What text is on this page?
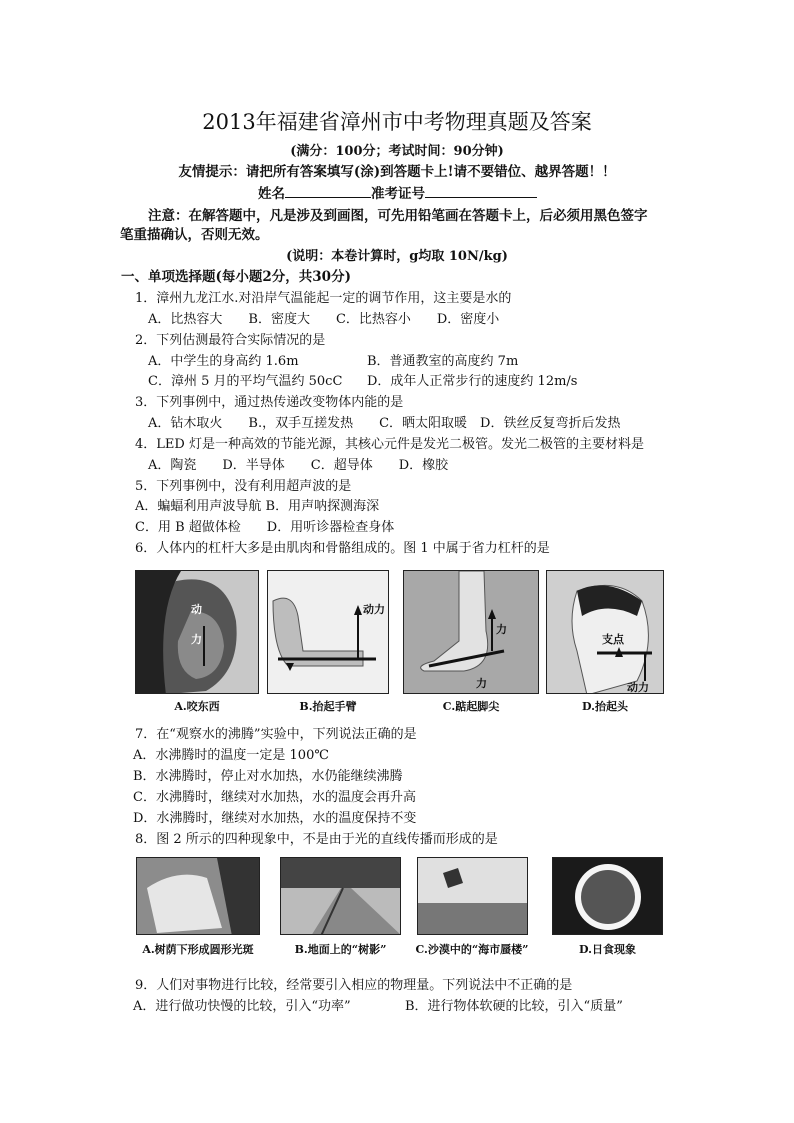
2013年福建省漳州市中考物理真题及答案
(满分：100分；考试时间：90分钟)
友情提示：请把所有答案填写(涂)到答题卡上!请不要错位、越界答题！！
姓名	准考证号
注意：在解答题中，凡是涉及到画图，可先用铅笔画在答题卡上，后必须用黑色签字
笔重描确认，否则无效。
(说明：本卷计算时，g均取 10N/kg)
一、单项选择题(每小题2分，共30分)
1．漳州九龙江水.对沿岸气温能起一定的调节作用，这主要是水的
A．比热容大　　B．密度大　　C．比热容小　　D．密度小
2．下列估测最符合实际情况的是
A．中学生的身高约 1.6m	B．普通教室的高度约 7m
C．漳州 5 月的平均气温约 50cC D．成年人正常步行的速度约 12m/s
3．下列事例中，通过热传递改变物体内能的是
A．钻木取火　　B.，双手互搓发热　　C．晒太阳取暖　D．铁丝反复弯折后发热
4．LED 灯是一种高效的节能光源，其核心元件是发光二极管。发光二极管的主要材料是
A．陶瓷　　D．半导体　　C．超导体　　D．橡胶
5．下列事例中，没有利用超声波的是
A．蝙蝠利用声波导航 B．用声呐探测海深
C．用 B 超做体检　　D．用听诊器检查身体
6．人体内的杠杆大多是由肌肉和骨骼组成的。图 1 中属于省力杠杆的是
动
力
动力
力
力
支点
动力
A.咬东西	B.抬起手臂	C.踮起脚尖	D.抬起头
7．在“观察水的沸腾”实验中，下列说法正确的是
A．水沸腾时的温度一定是 100℃
B．水沸腾时，停止对水加热，水仍能继续沸腾
C．水沸腾时，继续对水加热，水的温度会再升高
D．水沸腾时，继续对水加热，水的温度保持不变
8．图 2 所示的四种现象中，不是由于光的直线传播而形成的是
A.树荫下形成圆形光斑	B.地面上的“树影”	C.沙漠中的“海市蜃楼”	D.日食现象
9．人们对事物进行比较，经常要引入相应的物理量。下列说法中不正确的是
A．进行做功快慢的比较，引入“功率”	B．进行物体软硬的比较，引入“质量”
